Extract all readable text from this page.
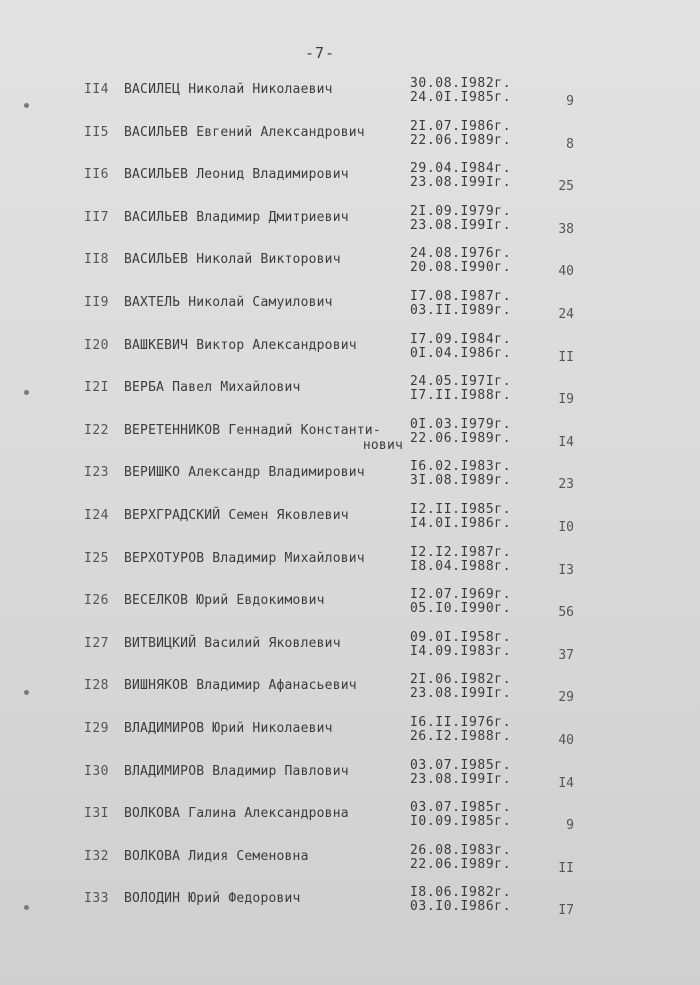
-7-
II4 ВАСИЛЕЦ Николай Николаевич	30.08.I982г.
24.0I.I985г.	9
II5 ВАСИЛЬЕВ Евгений Александрович	2I.07.I986г.
22.06.I989г.	8
II6 ВАСИЛЬЕВ Леонид Владимирович	29.04.I984г.
23.08.I99Iг.	25
II7 ВАСИЛЬЕВ Владимир Дмитриевич	2I.09.I979г.
23.08.I99Iг.	38
II8 ВАСИЛЬЕВ Николай Викторович	24.08.I976г.
20.08.I990г.	40
II9 ВАХТЕЛЬ Николай Самуилович	I7.08.I987г.
03.II.I989г.	24
I20 ВАШКЕВИЧ Виктор Александрович	I7.09.I984г.
0I.04.I986г.	II
I2I ВЕРБА Павел Михайлович	24.05.I97Iг.
I7.II.I988г.	I9
I22 ВЕРЕТЕННИКОВ Геннадий Константи-
нович
0I.03.I979г.
22.06.I989г.	I4
I23 ВЕРИШКО Александр Владимирович	I6.02.I983г.
3I.08.I989г.	23
I24 ВЕРХГРАДСКИЙ Семен Яковлевич	I2.II.I985г.
I4.0I.I986г.	I0
I25 ВЕРХОТУРОВ Владимир Михайлович	I2.I2.I987г.
I8.04.I988г.	I3
I26 ВЕСЕЛКОВ Юрий Евдокимович	I2.07.I969г.
05.I0.I990г.	56
I27 ВИТВИЦКИЙ Василий Яковлевич	09.0I.I958г.
I4.09.I983г.	37
I28 ВИШНЯКОВ Владимир Афанасьевич	2I.06.I982г.
23.08.I99Iг.	29
I29 ВЛАДИМИРОВ Юрий Николаевич	I6.II.I976г.
26.I2.I988г.	40
I30 ВЛАДИМИРОВ Владимир Павлович	03.07.I985г.
23.08.I99Iг.	I4
I3I ВОЛКОВА Галина Александровна	03.07.I985г.
I0.09.I985г.	9
I32 ВОЛКОВА Лидия Семеновна	26.08.I983г.
22.06.I989г.	II
I33 ВОЛОДИН Юрий Федорович	I8.06.I982г.
03.I0.I986г.	I7
